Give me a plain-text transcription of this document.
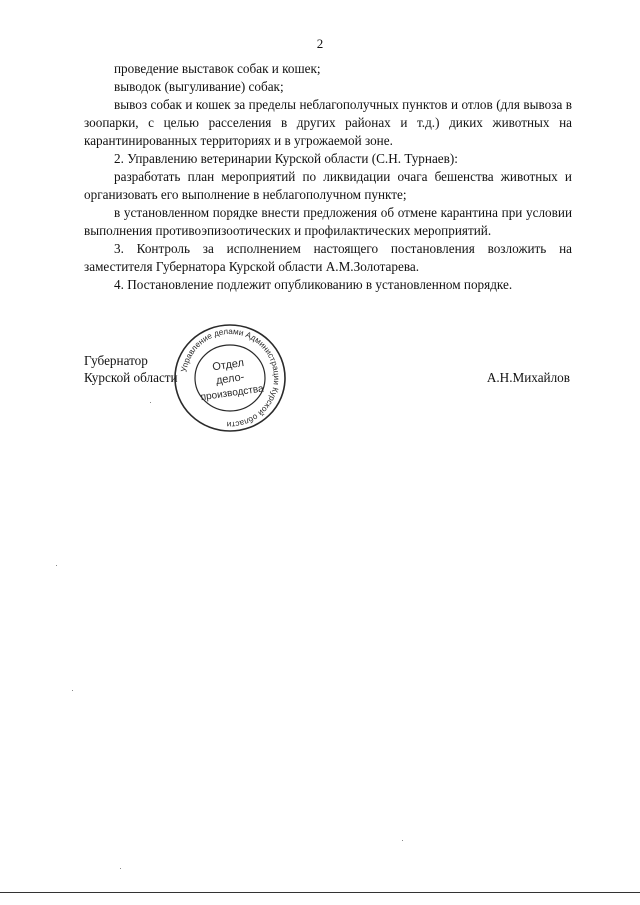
2

проведение выставок собак и кошек;

выводок (выгуливание) собак;

вывоз собак и кошек за пределы неблагополучных пунктов и отлов (для вывоза в зоопарки, с целью расселения в других районах и т.д.) диких животных на карантинированных территориях и в угрожаемой зоне.

2. Управлению ветеринарии Курской области (С.Н. Турнаев):

разработать план мероприятий по ликвидации очага бешенства животных и организовать его выполнение в неблагополучном пункте;

в установленном порядке внести предложения об отмене карантина при условии выполнения противоэпизоотических и профилактических мероприятий.

3. Контроль за исполнением настоящего постановления возложить на заместителя Губернатора Курской области А.М.Золотарева.

4. Постановление подлежит опубликованию в установленном порядке.

Губернатор
Курской области	А.Н.Михайлов
Управление делами Администрации Курской области
Отдел
дело-
производства
